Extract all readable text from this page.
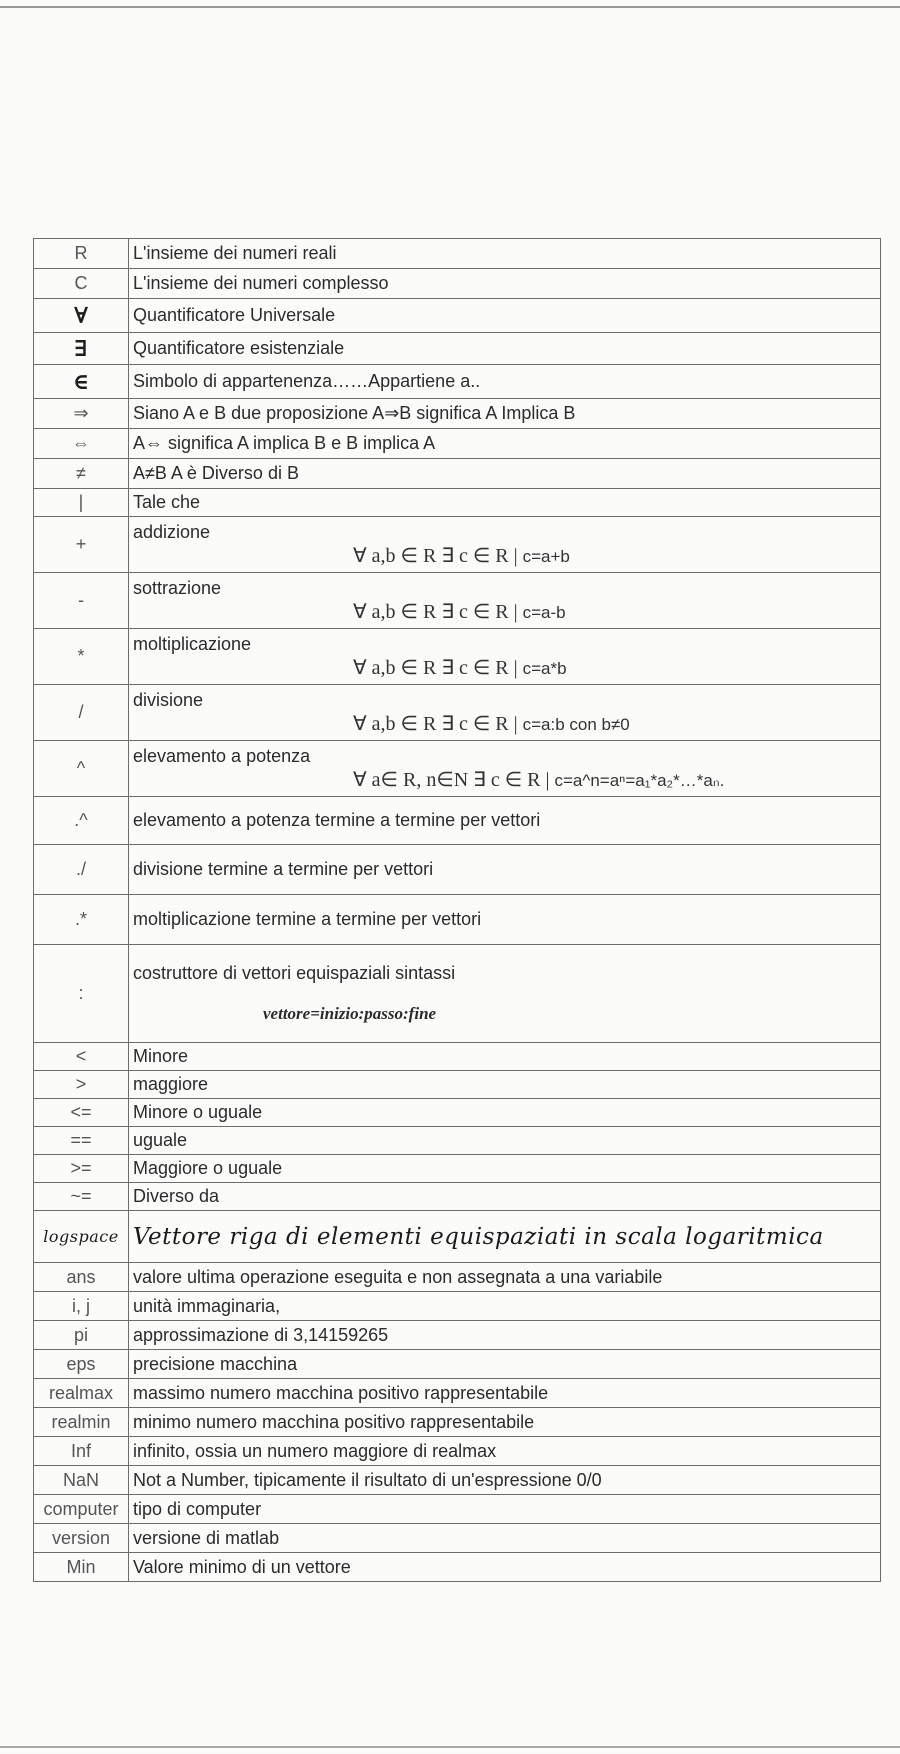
R	L'insieme dei numeri reali

C	L'insieme dei numeri complesso

∀	Quantificatore Universale

∃	Quantificatore esistenziale

∈	Simbolo di appartenenza……Appartiene a..

⇒	Siano A e B due proposizione A⇒B significa A Implica B

⇔	A⇔ significa A implica B e B implica A

≠	A≠B A è Diverso di B

|	Tale che

+	addizione
∀ a,b ∈ R ∃ c ∈ R | c=a+b

-	sottrazione
∀ a,b ∈ R ∃ c ∈ R | c=a-b

*	moltiplicazione
∀ a,b ∈ R ∃ c ∈ R | c=a*b

/	divisione
∀ a,b ∈ R ∃ c ∈ R | c=a:b con b≠0

^	elevamento a potenza
∀ a∈ R, n∈N ∃ c ∈ R | c=a^n=aⁿ=a₁*a₂*…*aₙ.

.^	elevamento a potenza termine a termine per vettori

./	divisione termine a termine per vettori

.*	moltiplicazione termine a termine per vettori

:	costruttore di vettori equispaziali sintassi
vettore=inizio:passo:fine

<	Minore

>	maggiore

<=	Minore o uguale

==	uguale

>=	Maggiore o uguale

~=	Diverso da

logspace	Vettore riga di elementi equispaziati in scala logaritmica
ans	valore ultima operazione eseguita e non assegnata a una variabile
i, j	unità immaginaria,
pi	approssimazione di 3,14159265
eps	precisione macchina
realmax	massimo numero macchina positivo rappresentabile
realmin	minimo numero macchina positivo rappresentabile
Inf	infinito, ossia un numero maggiore di realmax
NaN	Not a Number, tipicamente il risultato di un'espressione 0/0
computer	tipo di computer
version	versione di matlab
Min	Valore minimo di un vettore
